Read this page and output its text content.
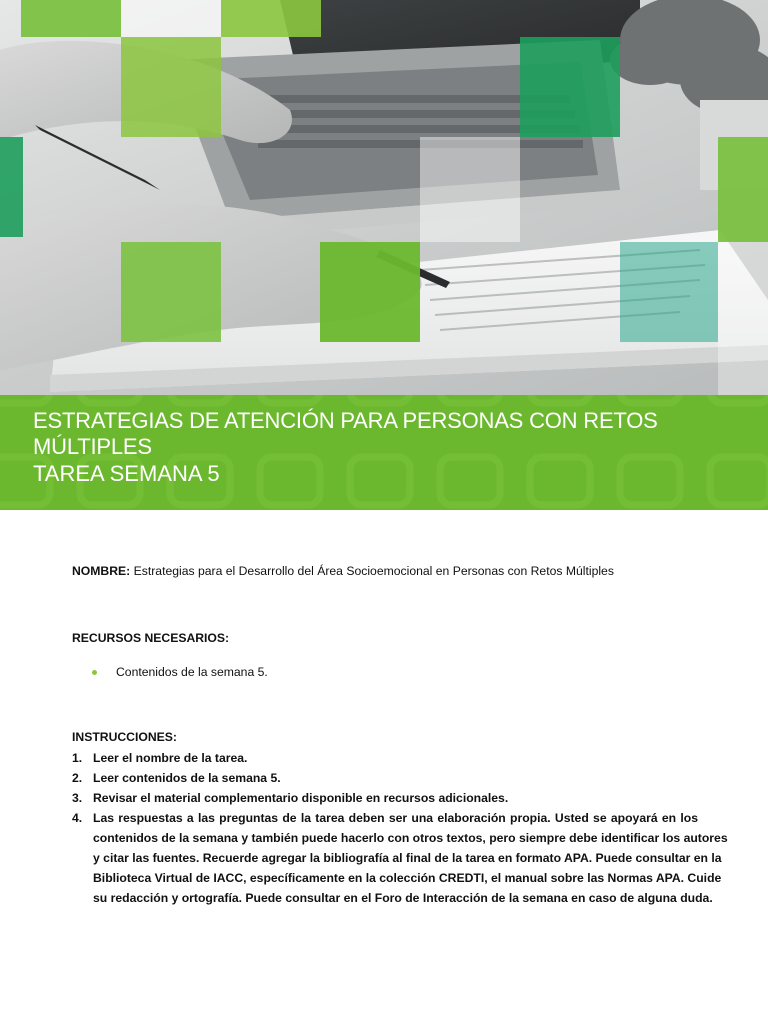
ESTRATEGIAS DE ATENCIÓN PARA PERSONAS CON RETOS MÚLTIPLES
TAREA SEMANA 5
NOMBRE: Estrategias para el Desarrollo del Área Socioemocional en Personas con Retos Múltiples
RECURSOS NECESARIOS:
Contenidos de la semana 5.
INSTRUCCIONES:
1. Leer el nombre de la tarea.
2. Leer contenidos de la semana 5.
3. Revisar el material complementario disponible en recursos adicionales.
4. Las respuestas a las preguntas de la tarea deben ser una elaboración propia. Usted se apoyará en los
contenidos de la semana y también puede hacerlo con otros textos, pero siempre debe identificar los autores
y citar las fuentes. Recuerde agregar la bibliografía al final de la tarea en formato APA. Puede consultar en la
Biblioteca Virtual de IACC, específicamente en la colección CREDTI, el manual sobre las Normas APA. Cuide
su redacción y ortografía. Puede consultar en el Foro de Interacción de la semana en caso de alguna duda.
